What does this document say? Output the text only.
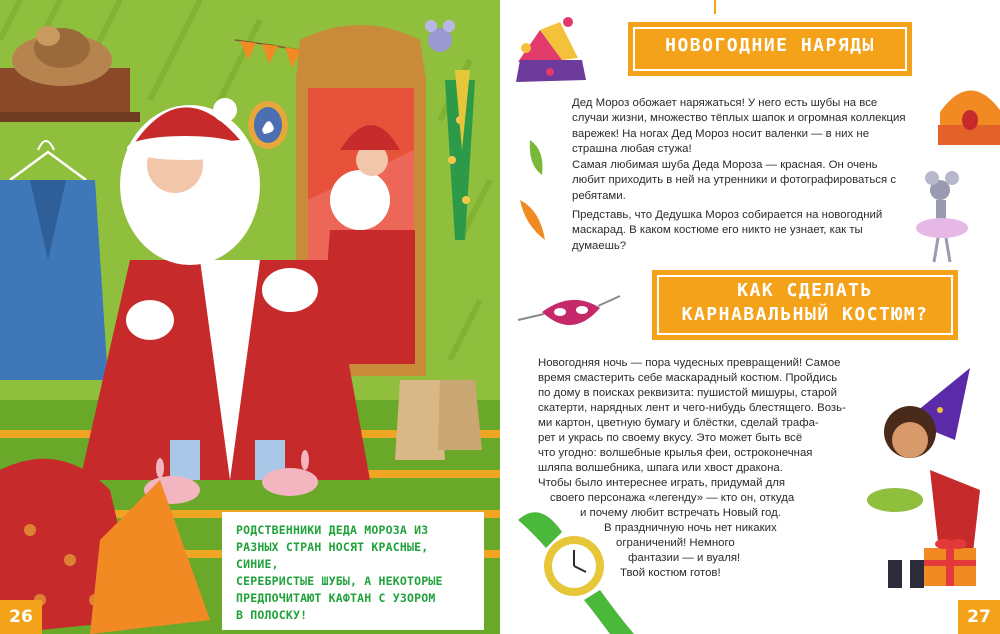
РОДСТВЕННИКИ ДЕДА МОРОЗА ИЗ
РАЗНЫХ СТРАН НОСЯТ КРАСНЫЕ, СИНИЕ,
СЕРЕБРИСТЫЕ ШУБЫ, А НЕКОТОРЫЕ
ПРЕДПОЧИТАЮТ КАФТАН С УЗОРОМ
В ПОЛОСКУ!
26
НОВОГОДНИЕ НАРЯДЫ
Дед Мороз обожает наряжаться! У него есть шубы на все случаи жизни, множество тёплых шапок и огромная коллекция варежек! На ногах Дед Мороз носит валенки — в них не страшна любая стужа!
Самая любимая шуба Деда Мороза — красная. Он очень любит приходить в ней на утренники и фотографироваться с ребятами.
Представь, что Дедушка Мороз собирается на новогодний маскарад. В каком костюме его никто не узнает, как ты думаешь?
КАК СДЕЛАТЬ
КАРНАВАЛЬНЫЙ КОСТЮМ?
Новогодняя ночь — пора чудесных превращений! Самое
время смастерить себе маскарадный костюм. Пройдись
по дому в поисках реквизита: пушистой мишуры, старой
скатерти, нарядных лент и чего-нибудь блестящего. Возь-
ми картон, цветную бумагу и блёстки, сделай трафа-
рет и укрась по своему вкусу. Это может быть всё
что угодно: волшебные крылья феи, остроконечная
шляпа волшебника, шпага или хвост дракона.
Чтобы было интереснее играть, придумай для
своего персонажа «легенду» — кто он, откуда
и почему любит встречать Новый год.
В праздничную ночь нет никаких
ограничений! Немного
фантазии — и вуаля!
Твой костюм готов!
27
